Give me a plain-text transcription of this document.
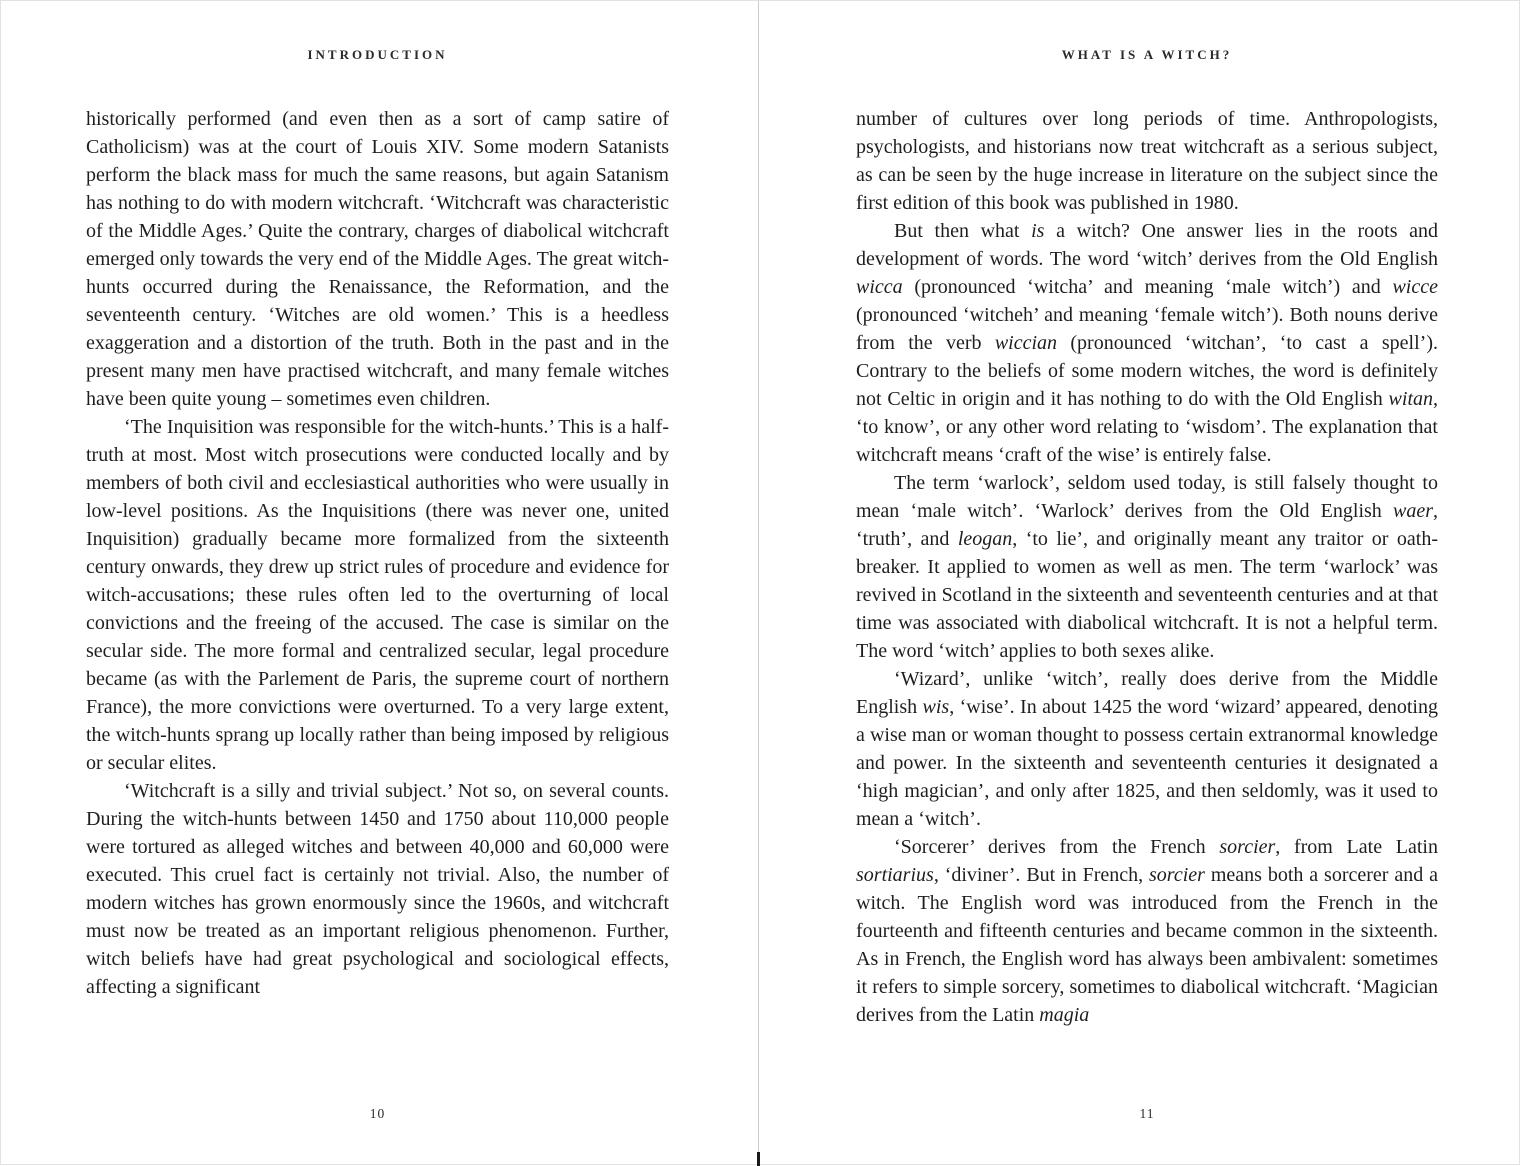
INTRODUCTION

historically performed (and even then as a sort of camp satire of Catholicism) was at the court of Louis XIV. Some modern Satanists perform the black mass for much the same reasons, but again Satanism has nothing to do with modern witchcraft. ‘Witchcraft was characteristic of the Middle Ages.’ Quite the contrary, charges of diabolical witchcraft emerged only towards the very end of the Middle Ages. The great witch-hunts occurred during the Renaissance, the Reformation, and the seventeenth century. ‘Witches are old women.’ This is a heedless exaggeration and a distortion of the truth. Both in the past and in the present many men have practised witchcraft, and many female witches have been quite young – sometimes even children.

‘The Inquisition was responsible for the witch-hunts.’ This is a half-truth at most. Most witch prosecutions were conducted locally and by members of both civil and ecclesiastical authorities who were usually in low-level positions. As the Inquisitions (there was never one, united Inquisition) gradually became more formalized from the sixteenth century onwards, they drew up strict rules of procedure and evidence for witch-accusations; these rules often led to the overturning of local convictions and the freeing of the accused. The case is similar on the secular side. The more formal and centralized secular, legal procedure became (as with the Parlement de Paris, the supreme court of northern France), the more convictions were overturned. To a very large extent, the witch-hunts sprang up locally rather than being imposed by religious or secular elites.

‘Witchcraft is a silly and trivial subject.’ Not so, on several counts. During the witch-hunts between 1450 and 1750 about 110,000 people were tortured as alleged witches and between 40,000 and 60,000 were executed. This cruel fact is certainly not trivial. Also, the number of modern witches has grown enormously since the 1960s, and witchcraft must now be treated as an important religious phenomenon. Further, witch beliefs have had great psychological and sociological effects, affecting a significant

10
WHAT IS A WITCH?

number of cultures over long periods of time. Anthropologists, psychologists, and historians now treat witchcraft as a serious subject, as can be seen by the huge increase in literature on the subject since the first edition of this book was published in 1980.

But then what is a witch? One answer lies in the roots and development of words. The word ‘witch’ derives from the Old English wicca (pronounced ‘witcha’ and meaning ‘male witch’) and wicce (pronounced ‘witcheh’ and meaning ‘female witch’). Both nouns derive from the verb wiccian (pronounced ‘witchan’, ‘to cast a spell’). Contrary to the beliefs of some modern witches, the word is definitely not Celtic in origin and it has nothing to do with the Old English witan, ‘to know’, or any other word relating to ‘wisdom’. The explanation that witchcraft means ‘craft of the wise’ is entirely false.

The term ‘warlock’, seldom used today, is still falsely thought to mean ‘male witch’. ‘Warlock’ derives from the Old English waer, ‘truth’, and leogan, ‘to lie’, and originally meant any traitor or oath-breaker. It applied to women as well as men. The term ‘warlock’ was revived in Scotland in the sixteenth and seventeenth centuries and at that time was associated with diabolical witchcraft. It is not a helpful term. The word ‘witch’ applies to both sexes alike.

‘Wizard’, unlike ‘witch’, really does derive from the Middle English wis, ‘wise’. In about 1425 the word ‘wizard’ appeared, denoting a wise man or woman thought to possess certain extranormal knowledge and power. In the sixteenth and seventeenth centuries it designated a ‘high magician’, and only after 1825, and then seldomly, was it used to mean a ‘witch’.

‘Sorcerer’ derives from the French sorcier, from Late Latin sortiarius, ‘diviner’. But in French, sorcier means both a sorcerer and a witch. The English word was introduced from the French in the fourteenth and fifteenth centuries and became common in the sixteenth. As in French, the English word has always been ambivalent: sometimes it refers to simple sorcery, sometimes to diabolical witchcraft. ‘Magician derives from the Latin magia

11
